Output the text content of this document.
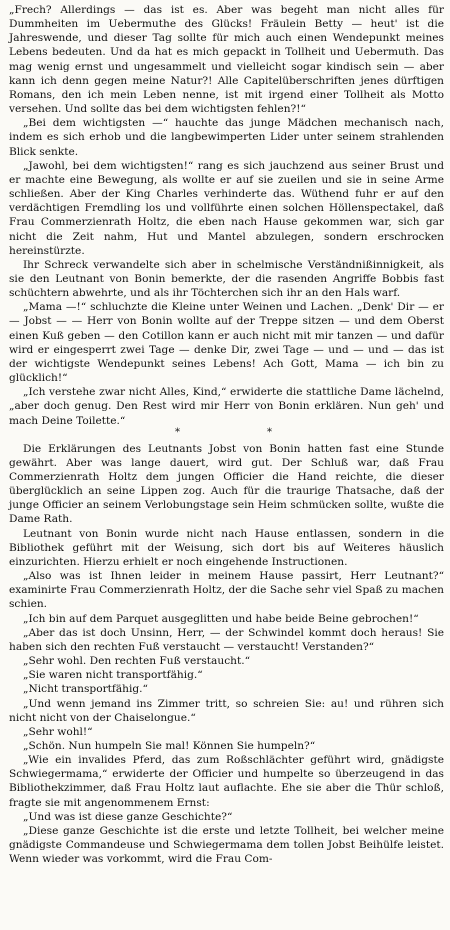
„Frech? Allerdings — das ist es. Aber was begeht man nicht alles für Dummheiten im Uebermuthe des Glücks! Fräulein Betty — heut' ist die Jahreswende, und dieser Tag sollte für mich auch einen Wendepunkt meines Lebens bedeuten. Und da hat es mich gepackt in Tollheit und Uebermuth. Das mag wenig ernst und ungesammelt und vielleicht sogar kindisch sein — aber kann ich denn gegen meine Natur?! Alle Capitelüberschriften jenes dürftigen Romans, den ich mein Leben nenne, ist mit irgend einer Tollheit als Motto versehen. Und sollte das bei dem wichtigsten fehlen?!“

„Bei dem wichtigsten —“ hauchte das junge Mädchen mechanisch nach, indem es sich erhob und die langbewimperten Lider unter seinem strahlenden Blick senkte.

„Jawohl, bei dem wichtigsten!“ rang es sich jauchzend aus seiner Brust und er machte eine Bewegung, als wollte er auf sie zueilen und sie in seine Arme schließen. Aber der King Charles verhinderte das. Wüthend fuhr er auf den verdächtigen Fremdling los und vollführte einen solchen Höllenspectakel, daß Frau Commerzienrath Holtz, die eben nach Hause gekommen war, sich gar nicht die Zeit nahm, Hut und Mantel abzulegen, sondern erschrocken hereinstürzte.

Ihr Schreck verwandelte sich aber in schelmische Verständnißinnigkeit, als sie den Leutnant von Bonin bemerkte, der die rasenden Angriffe Bobbis fast schüchtern abwehrte, und als ihr Töchterchen sich ihr an den Hals warf.

„Mama —!“ schluchzte die Kleine unter Weinen und Lachen. „Denk' Dir — er — Jobst — — Herr von Bonin wollte auf der Treppe sitzen — und dem Oberst einen Kuß geben — den Cotillon kann er auch nicht mit mir tanzen — und dafür wird er eingesperrt zwei Tage — denke Dir, zwei Tage — und — und — das ist der wichtigste Wendepunkt seines Lebens! Ach Gott, Mama — ich bin zu glücklich!“

„Ich verstehe zwar nicht Alles, Kind,“ erwiderte die stattliche Dame lächelnd, „aber doch genug. Den Rest wird mir Herr von Bonin erklären. Nun geh' und mach Deine Toilette.“

*	*

Die Erklärungen des Leutnants Jobst von Bonin hatten fast eine Stunde gewährt. Aber was lange dauert, wird gut. Der Schluß war, daß Frau Commerzienrath Holtz dem jungen Officier die Hand reichte, die dieser überglücklich an seine Lippen zog. Auch für die traurige Thatsache, daß der junge Officier an seinem Verlobungstage sein Heim schmücken sollte, wußte die Dame Rath.

Leutnant von Bonin wurde nicht nach Hause entlassen, sondern in die Bibliothek geführt mit der Weisung, sich dort bis auf Weiteres häuslich einzurichten. Hierzu erhielt er noch eingehende Instructionen.

„Also was ist Ihnen leider in meinem Hause passirt, Herr Leutnant?“ examinirte Frau Commerzienrath Holtz, der die Sache sehr viel Spaß zu machen schien.

„Ich bin auf dem Parquet ausgeglitten und habe beide Beine gebrochen!“

„Aber das ist doch Unsinn, Herr, — der Schwindel kommt doch heraus! Sie haben sich den rechten Fuß verstaucht — verstaucht! Verstanden?“

„Sehr wohl. Den rechten Fuß verstaucht.“

„Sie waren nicht transportfähig.“

„Nicht transportfähig.“

„Und wenn jemand ins Zimmer tritt, so schreien Sie: au! und rühren sich nicht nicht von der Chaiselongue.“

„Sehr wohl!“

„Schön. Nun humpeln Sie mal! Können Sie humpeln?“

„Wie ein invalides Pferd, das zum Roßschlächter geführt wird, gnädigste Schwiegermama,“ erwiderte der Officier und humpelte so überzeugend in das Bibliothekzimmer, daß Frau Holtz laut auflachte. Ehe sie aber die Thür schloß, fragte sie mit angenommenem Ernst:

„Und was ist diese ganze Geschichte?“

„Diese ganze Geschichte ist die erste und letzte Tollheit, bei welcher meine gnädigste Commandeuse und Schwiegermama dem tollen Jobst Beihülfe leistet. Wenn wieder was vorkommt, wird die Frau Com-
